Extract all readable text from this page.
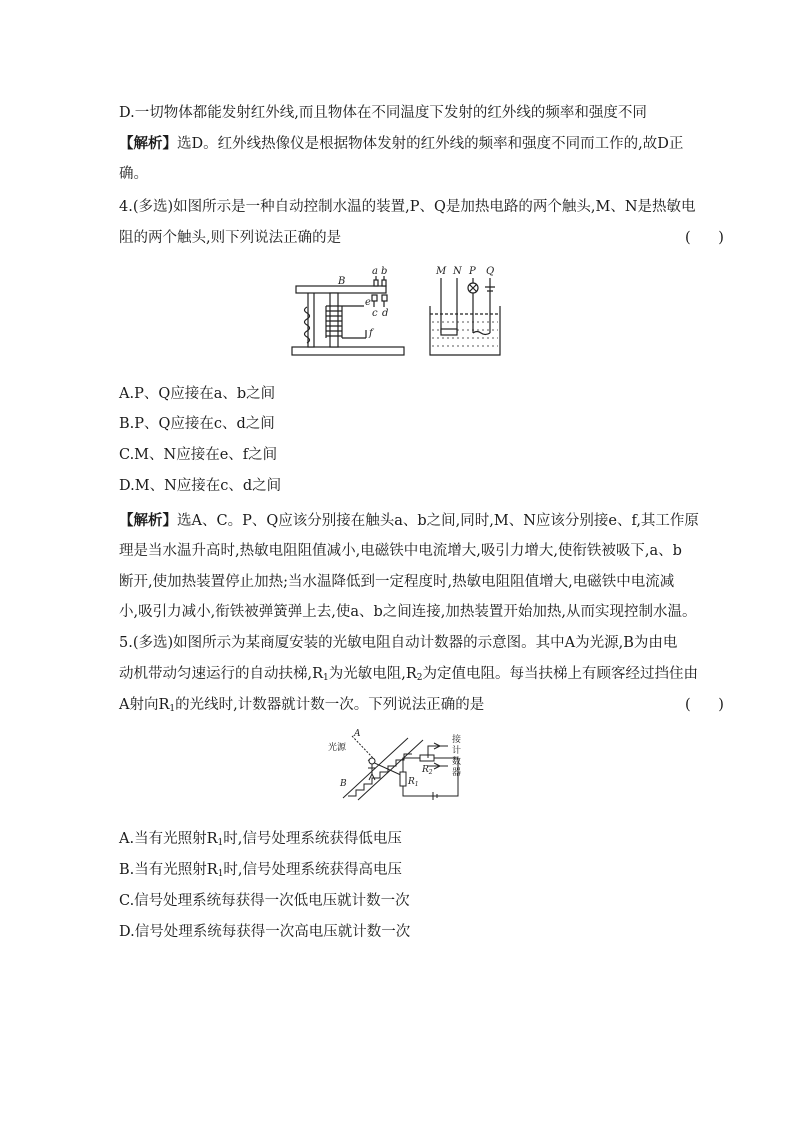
D.一切物体都能发射红外线,而且物体在不同温度下发射的红外线的频率和强度不同
【解析】选D。红外线热像仪是根据物体发射的红外线的频率和强度不同而工作的,故D正
确。
4.(多选)如图所示是一种自动控制水温的装置,P、Q是加热电路的两个触头,M、N是热敏电
阻的两个触头,则下列说法正确的是	(      )
B
a b
e
c d
f
M N P Q
A.P、Q应接在a、b之间
B.P、Q应接在c、d之间
C.M、N应接在e、f之间
D.M、N应接在c、d之间
【解析】选A、C。P、Q应该分别接在触头a、b之间,同时,M、N应该分别接e、f,其工作原
理是当水温升高时,热敏电阻阻值减小,电磁铁中电流增大,吸引力增大,使衔铁被吸下,a、b
断开,使加热装置停止加热;当水温降低到一定程度时,热敏电阻阻值增大,电磁铁中电流减
小,吸引力减小,衔铁被弹簧弹上去,使a、b之间连接,加热装置开始加热,从而实现控制水温。
5.(多选)如图所示为某商厦安装的光敏电阻自动计数器的示意图。其中A为光源,B为由电
动机带动匀速运行的自动扶梯$,R_1$为光敏电阻$,R_2$为定值电阻。每当扶梯上有顾客经过挡住由
A射向$R_1$的光线时,计数器就计数一次。下列说法正确的是	(      )
光源
A
B	$R_1$
$R_2$
接
计
数
器
A.当有光照射$R_1$时,信号处理系统获得低电压
B.当有光照射$R_1$时,信号处理系统获得高电压
C.信号处理系统每获得一次低电压就计数一次
D.信号处理系统每获得一次高电压就计数一次
